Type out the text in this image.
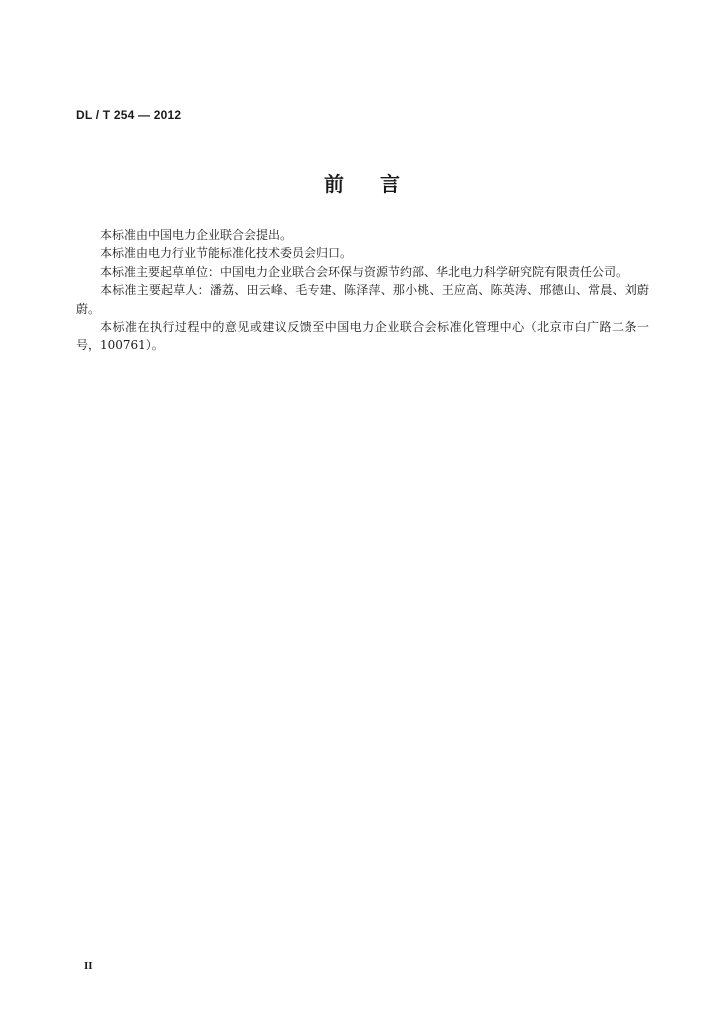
DL / T 254 — 2012
前言

本标准由中国电力企业联合会提出。

本标准由电力行业节能标准化技术委员会归口。

本标准主要起草单位：中国电力企业联合会环保与资源节约部、华北电力科学研究院有限责任公司。

本标准主要起草人：潘荔、田云峰、毛专建、陈泽萍、那小桃、王应高、陈英涛、邢德山、常晨、刘蔚蔚。

本标准在执行过程中的意见或建议反馈至中国电力企业联合会标准化管理中心（北京市白广路二条一号，100761）。

II
